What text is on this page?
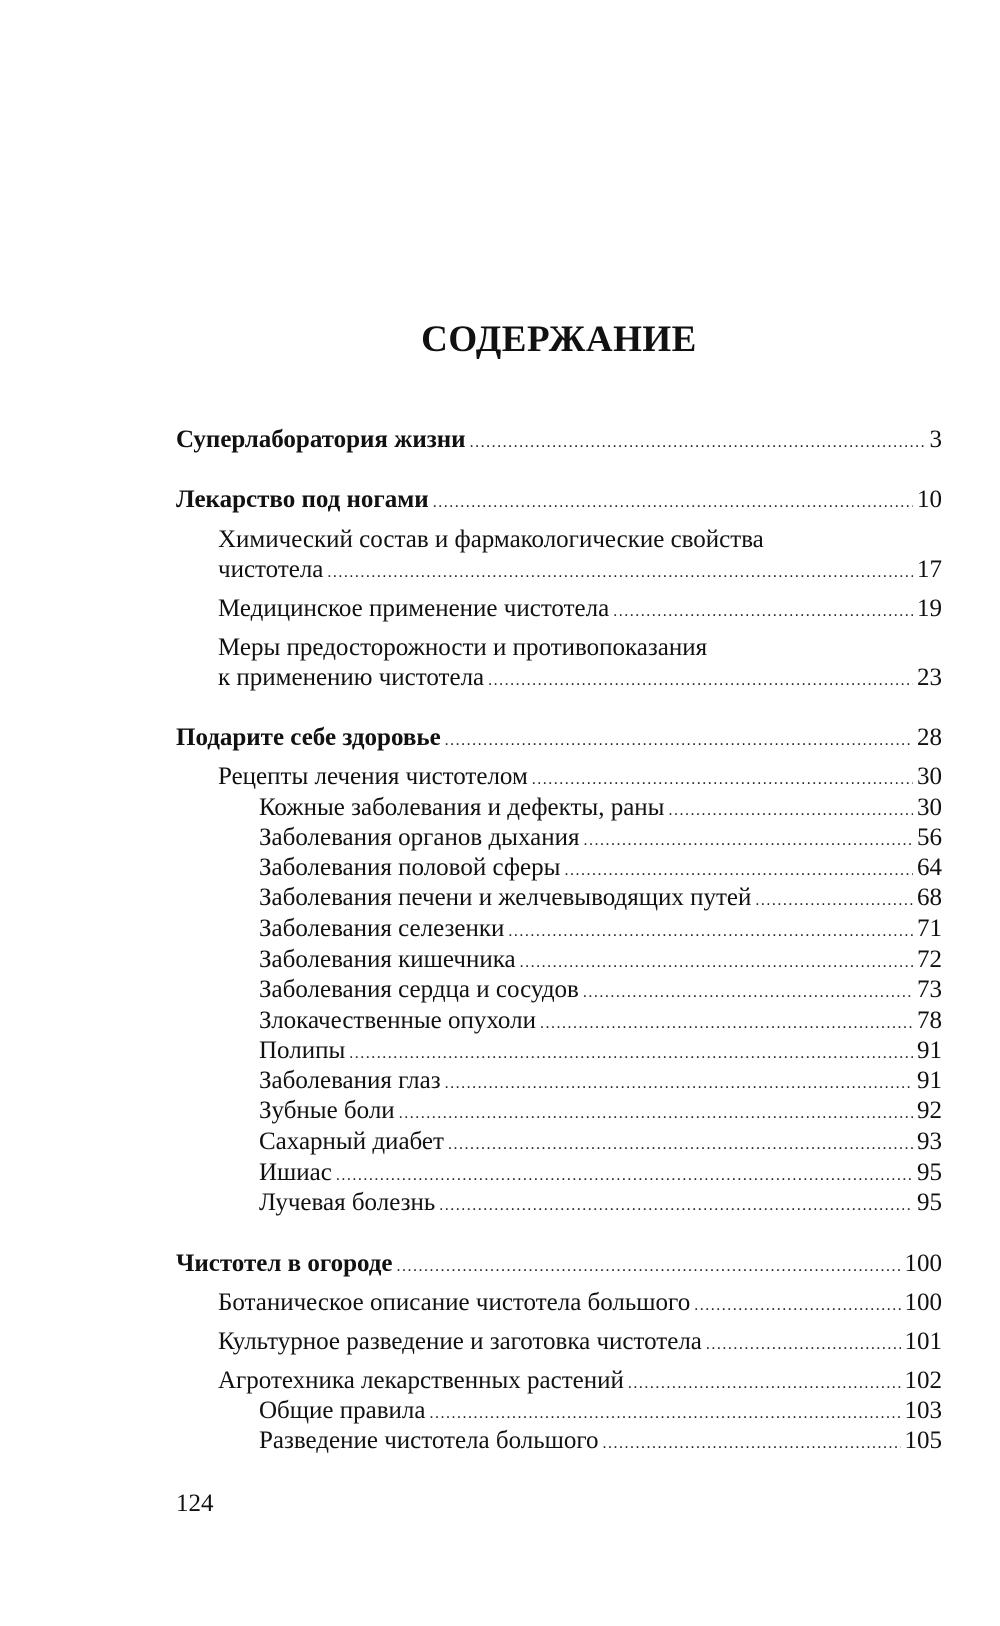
СОДЕРЖАНИЕ
Суперлаборатория жизни .....	3
Лекарство под ногами .....	10
Химический состав и фармакологические свойства
чистотела .....	17
Медицинское применение чистотела .....	19
Меры предосторожности и противопоказания
к применению чистотела .....	23
Подарите себе здоровье .....	28
Рецепты лечения чистотелом .....	30
Кожные заболевания и дефекты, раны .....	30
Заболевания органов дыхания .....	56
Заболевания половой сферы .....	64
Заболевания печени и желчевыводящих путей .....	68
Заболевания селезенки .....	71
Заболевания кишечника .....	72
Заболевания сердца и сосудов .....	73
Злокачественные опухоли .....	78
Полипы .....	91
Заболевания глаз .....	91
Зубные боли .....	92
Сахарный диабет .....	93
Ишиас .....	95
Лучевая болезнь .....	95
Чистотел в огороде .....	100
Ботаническое описание чистотела большого .....	100
Культурное разведение и заготовка чистотела .....	101
Агротехника лекарственных растений .....	102
Общие правила .....	103
Разведение чистотела большого .....	105
124
